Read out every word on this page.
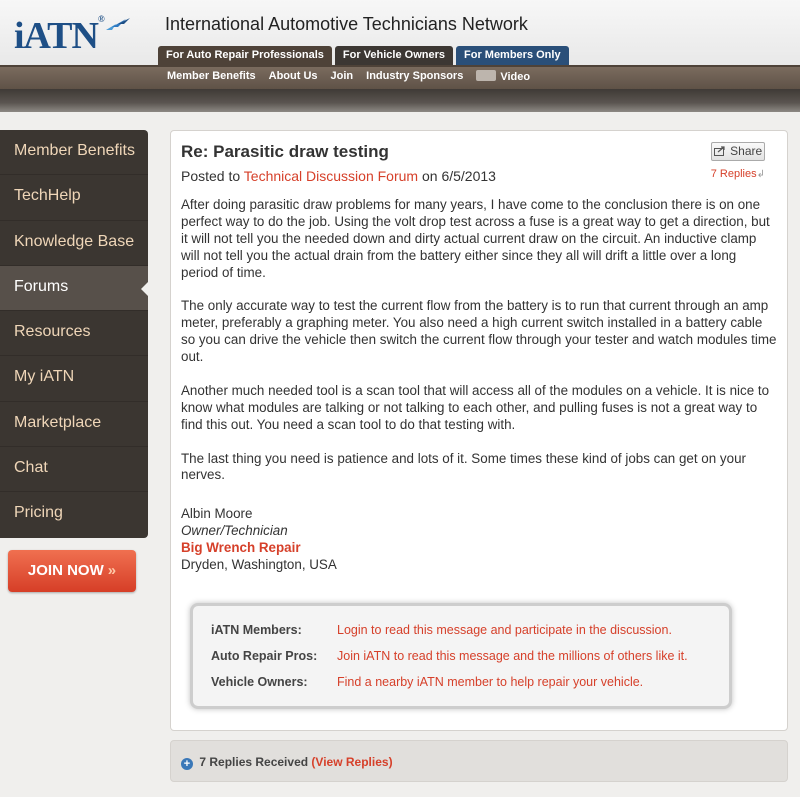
iATN®	International Automotive Technicians Network
For Auto Repair Professionals	For Vehicle Owners	For Members Only
Member Benefits About Us Join Industry Sponsors	Video
Member Benefits
TechHelp
Knowledge Base
Forums
Resources
My iATN
Marketplace
Chat
Pricing
JOIN NOW »
Re: Parasitic draw testing	Share
Posted to Technical Discussion Forum on 6/5/2013	7 Replies↲

After doing parasitic draw problems for many years, I have come to the conclusion there is on one perfect way to do the job. Using the volt drop test across a fuse is a great way to get a direction, but it will not tell you the needed down and dirty actual current draw on the circuit. An inductive clamp will not tell you the actual drain from the battery either since they all will drift a little over a long period of time.

The only accurate way to test the current flow from the battery is to run that current through an amp meter, preferably a graphing meter. You also need a high current switch installed in a battery cable so you can drive the vehicle then switch the current flow through your tester and watch modules time out.

Another much needed tool is a scan tool that will access all of the modules on a vehicle. It is nice to know what modules are talking or not talking to each other, and pulling fuses is not a great way to find this out. You need a scan tool to do that testing with.

The last thing you need is patience and lots of it. Some times these kind of jobs can get on your nerves.

Albin Moore
Owner/Technician
Big Wrench Repair
Dryden, Washington, USA
iATN Members:	Login to read this message and participate in the discussion.
Auto Repair Pros: Join iATN to read this message and the millions of others like it.
Vehicle Owners: Find a nearby iATN member to help repair your vehicle.
+ 7 Replies Received (View Replies)
